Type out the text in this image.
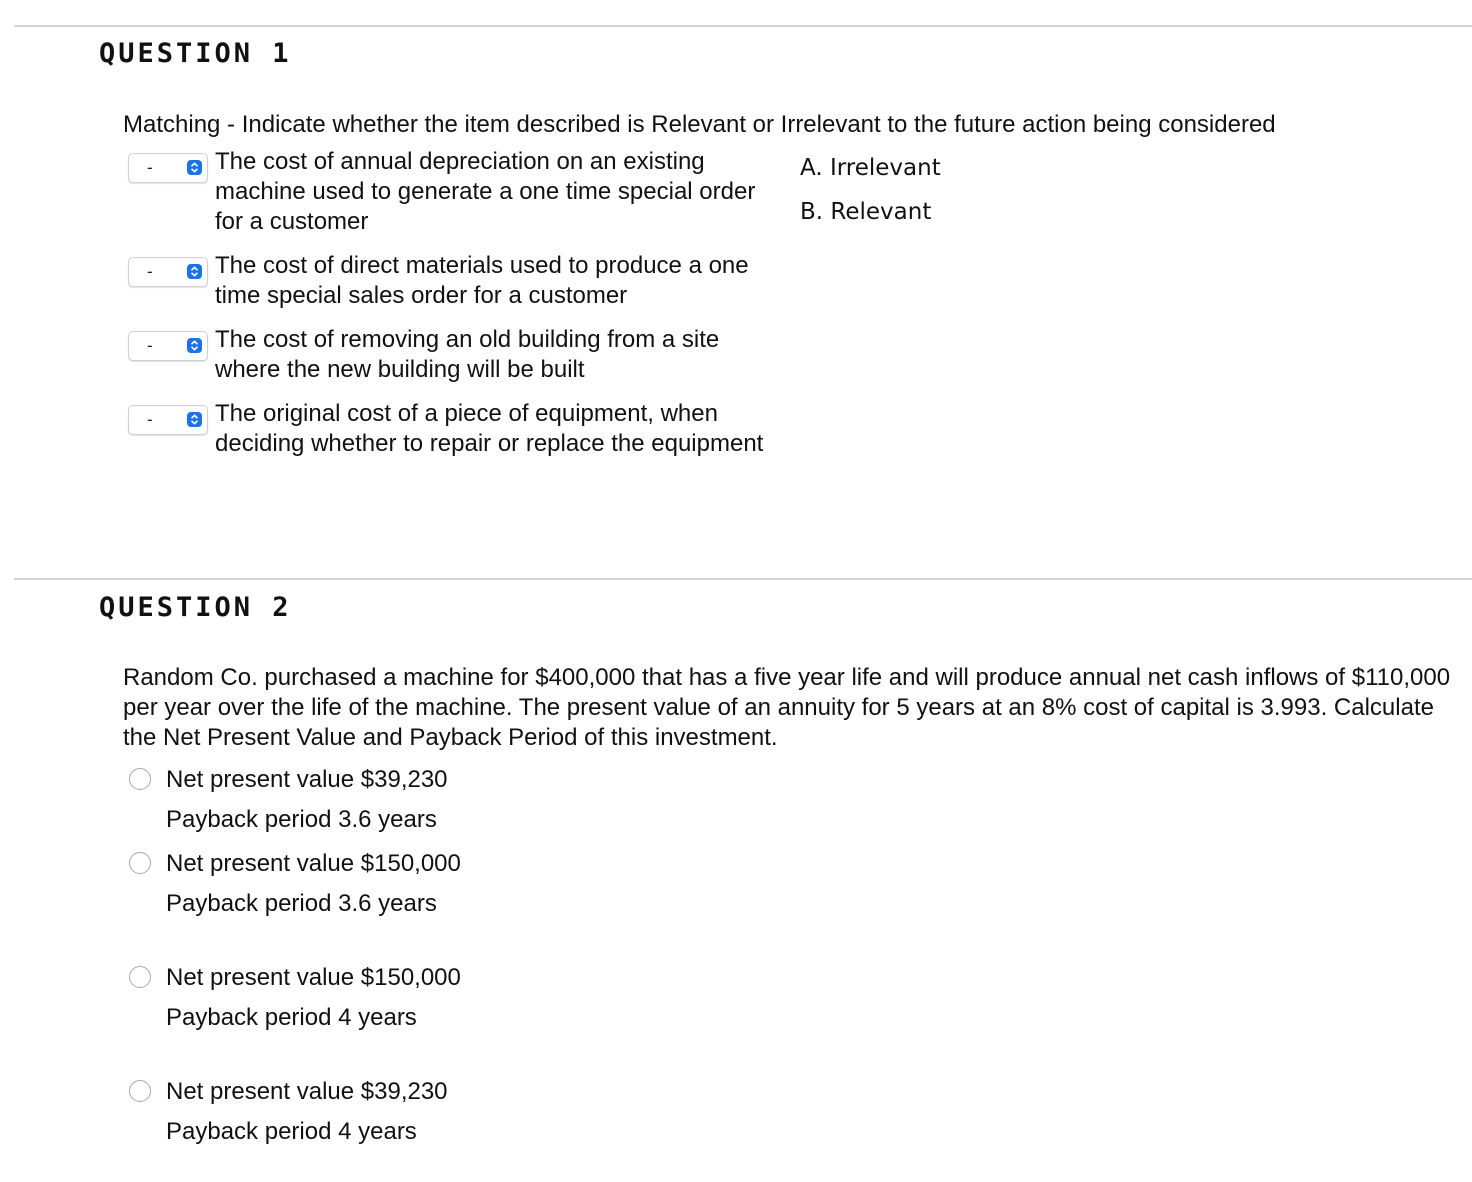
QUESTION 1
Matching - Indicate whether the item described is Relevant or Irrelevant to the future action being considered
-	The cost of annual depreciation on an existing machine used to generate a one time special order for a customer
-	The cost of direct materials used to produce a one time special sales order for a customer
-	The cost of removing an old building from a site where the new building will be built
-	The original cost of a piece of equipment, when deciding whether to repair or replace the equipment
A. Irrelevant
B. Relevant
QUESTION 2
Random Co. purchased a machine for $400,000 that has a five year life and will produce annual net cash inflows of $110,000 per year over the life of the machine. The present value of an annuity for 5 years at an 8% cost of capital is 3.993. Calculate the Net Present Value and Payback Period of this investment.
Net present value $39,230
Payback period 3.6 years
Net present value $150,000
Payback period 3.6 years
Net present value $150,000
Payback period 4 years
Net present value $39,230
Payback period 4 years
